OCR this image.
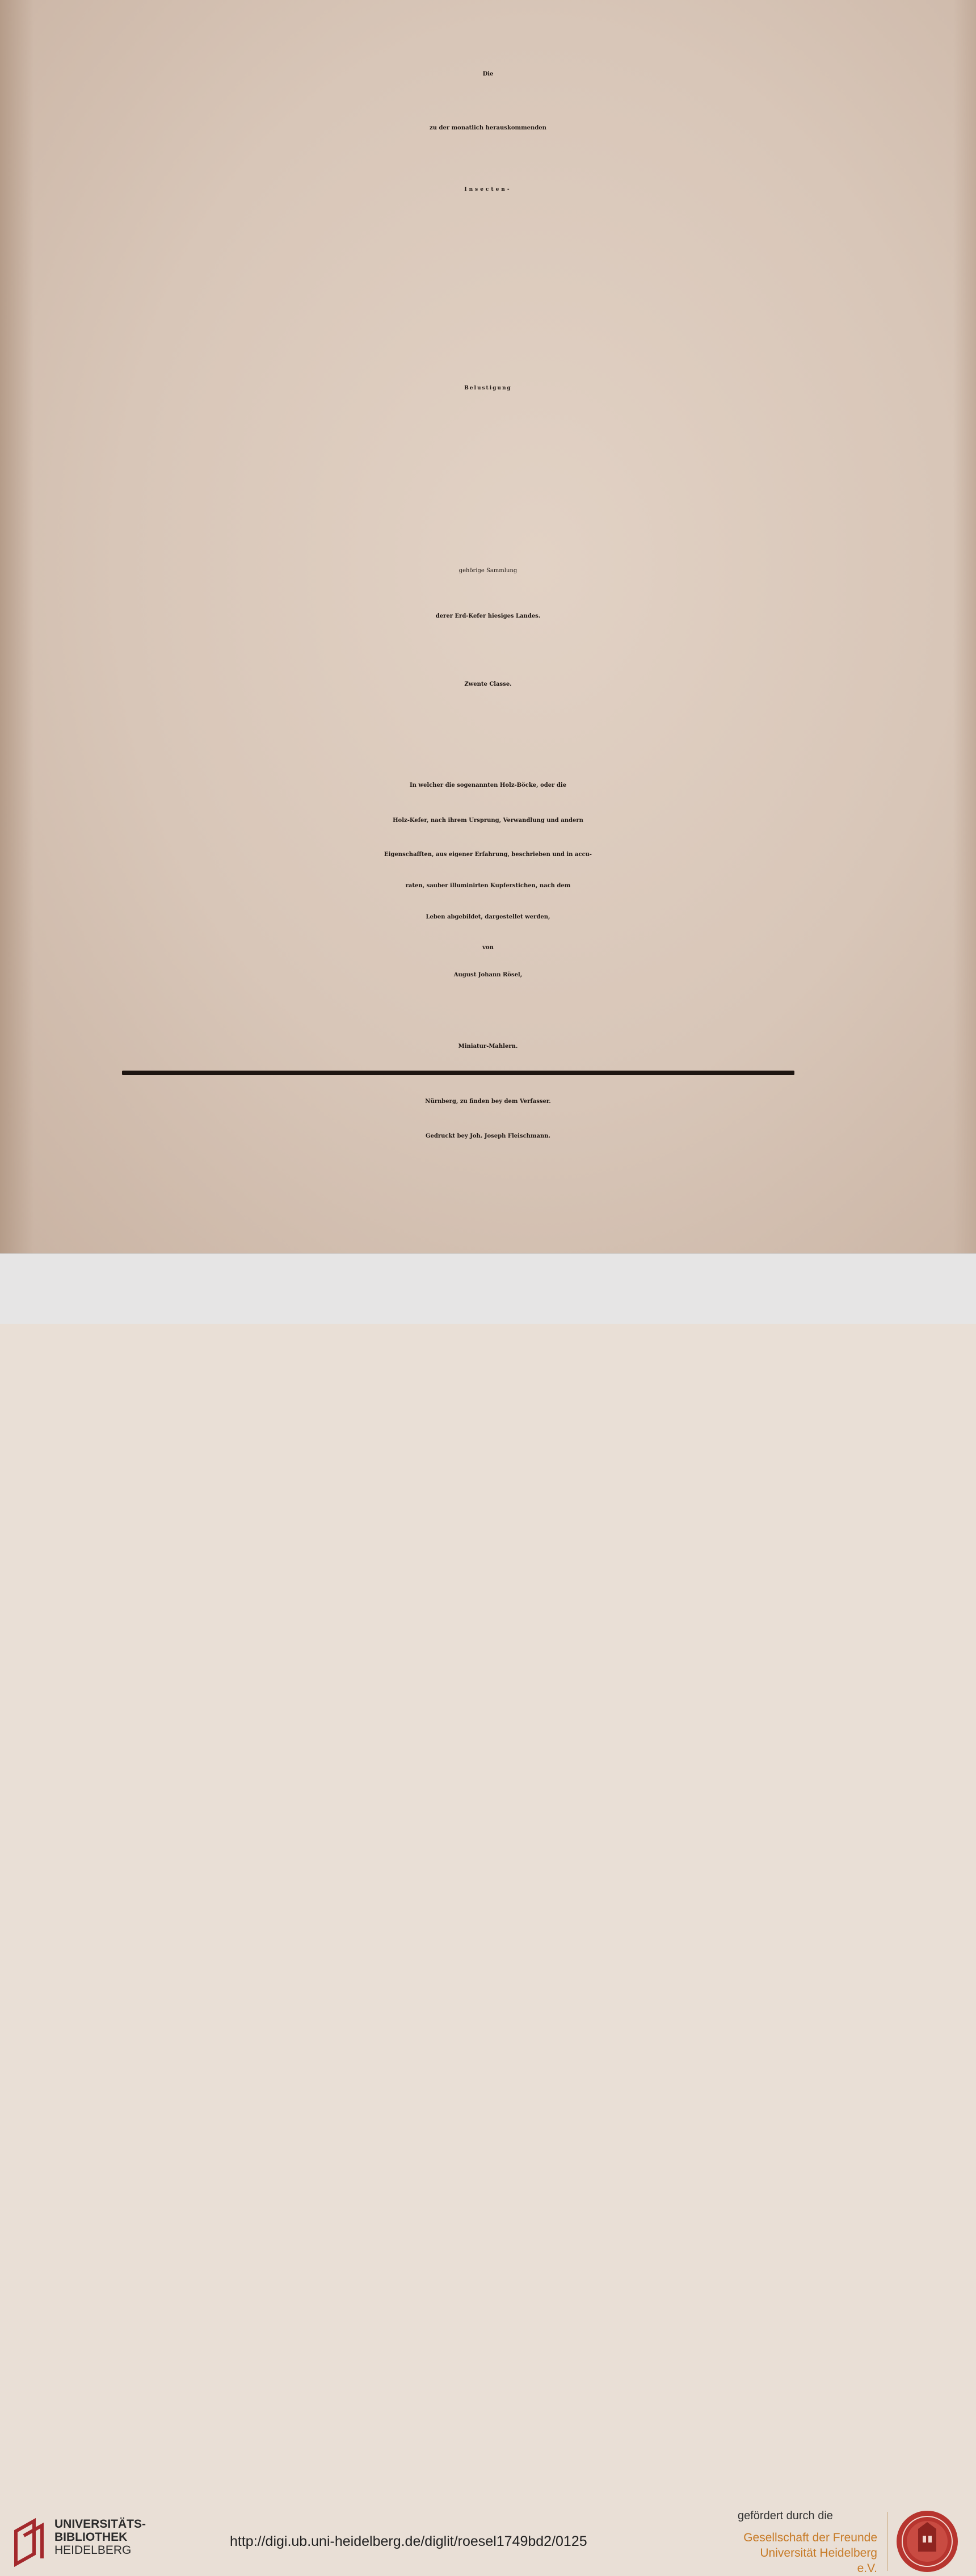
Die
zu der monatlich herauskommenden
Insecten-
Belustigung
gehörige Sammlung
derer Erd-Kefer hiesiges Landes.
Zwente Classe.
In welcher die sogenannten Holz-Böcke, oder die
Holz-Kefer, nach ihrem Ursprung, Verwandlung und andern
Eigenschafften, aus eigener Erfahrung, beschrieben und in accu-
raten, sauber illuminirten Kupferstichen, nach dem
Leben abgebildet, dargestellet werden,
von
August Johann Rösel,
Miniatur-Mahlern.
Nürnberg, zu finden bey dem Verfasser.
Gedruckt bey Joh. Joseph Fleischmann.
UNIVERSITÄTS-
BIBLIOTHEK
HEIDELBERG
http://digi.ub.uni-heidelberg.de/diglit/roesel1749bd2/0125
gefördert durch die
Gesellschaft der Freunde
Universität Heidelberg e.V.
